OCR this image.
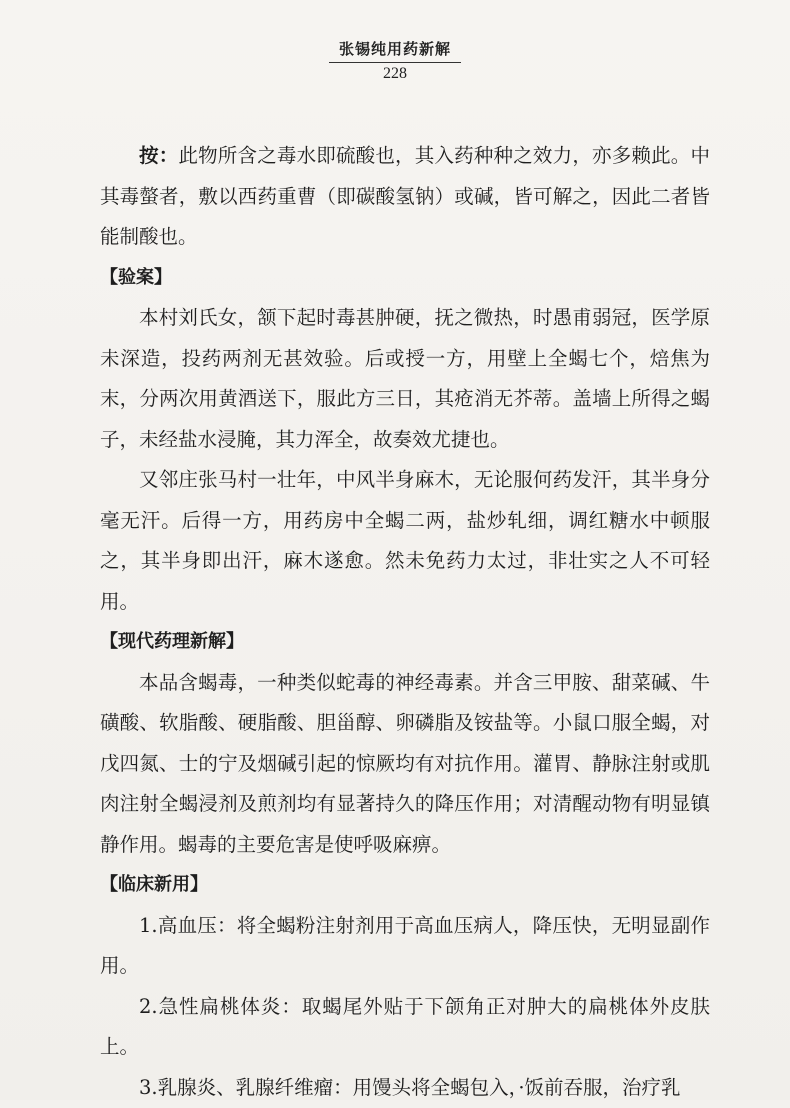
张锡纯用药新解
228

按：此物所含之毒水即硫酸也，其入药种种之效力，亦多赖此。中其毒螫者，敷以西药重曹（即碳酸氢钠）或碱，皆可解之，因此二者皆能制酸也。

【验案】

本村刘氏女，颔下起时毒甚肿硬，抚之微热，时愚甫弱冠，医学原未深造，投药两剂无甚效验。后或授一方，用壁上全蝎七个，焙焦为末，分两次用黄酒送下，服此方三日，其疮消无芥蒂。盖墙上所得之蝎子，未经盐水浸腌，其力浑全，故奏效尤捷也。

又邻庄张马村一壮年，中风半身麻木，无论服何药发汗，其半身分毫无汗。后得一方，用药房中全蝎二两，盐炒轧细，调红糖水中顿服之，其半身即出汗，麻木遂愈。然未免药力太过，非壮实之人不可轻用。

【现代药理新解】

本品含蝎毒，一种类似蛇毒的神经毒素。并含三甲胺、甜菜碱、牛磺酸、软脂酸、硬脂酸、胆甾醇、卵磷脂及铵盐等。小鼠口服全蝎，对戊四氮、士的宁及烟碱引起的惊厥均有对抗作用。灌胃、静脉注射或肌肉注射全蝎浸剂及煎剂均有显著持久的降压作用；对清醒动物有明显镇静作用。蝎毒的主要危害是使呼吸麻痹。

【临床新用】

1.高血压：将全蝎粉注射剂用于高血压病人，降压快，无明显副作用。

2.急性扁桃体炎：取蝎尾外贴于下颌角正对肿大的扁桃体外皮肤上。

3.乳腺炎、乳腺纤维瘤：用馒头将全蝎包入，·饭前吞服，治疗乳
